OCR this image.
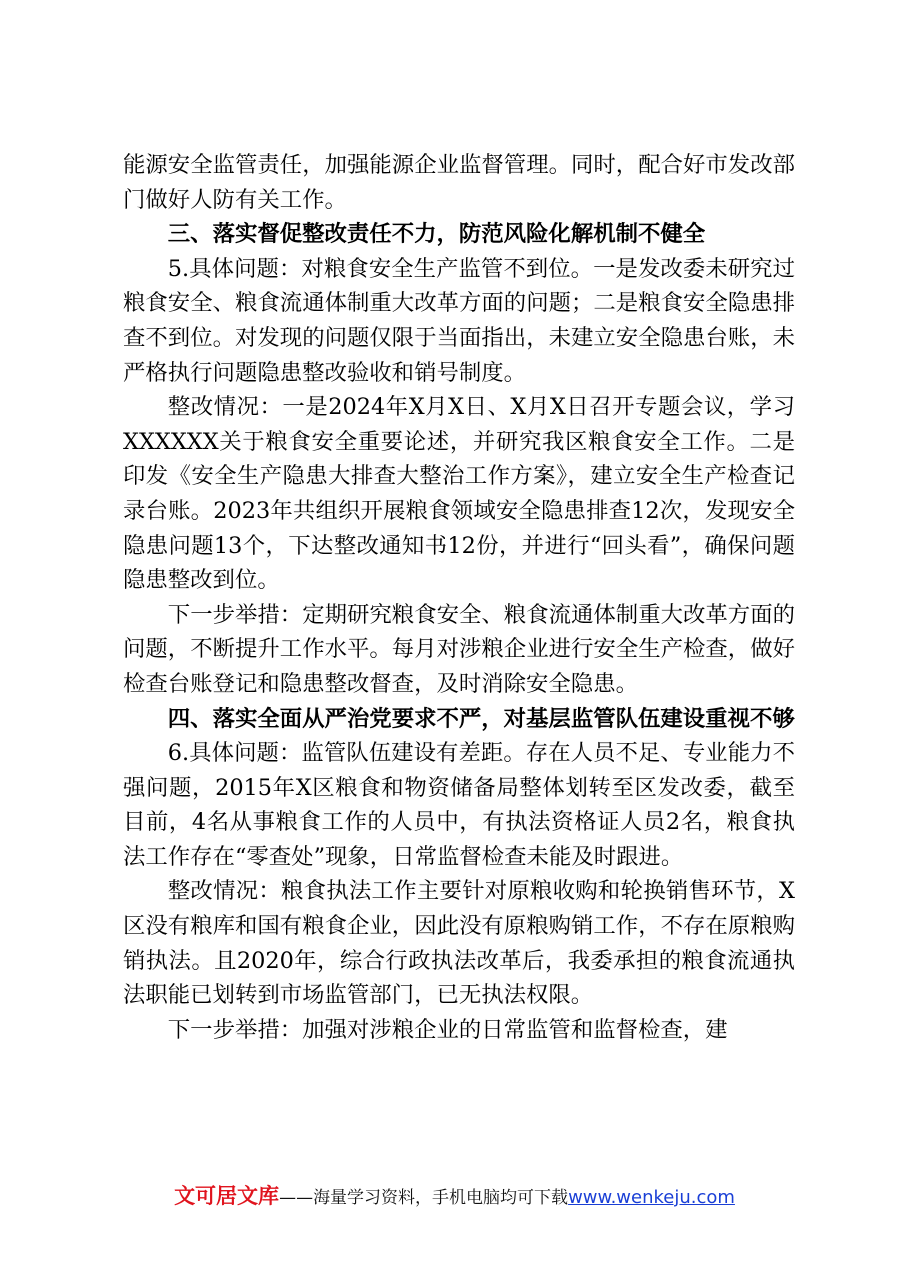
能源安全监管责任，加强能源企业监督管理。同时，配合好市发改部门做好人防有关工作。

三、落实督促整改责任不力，防范风险化解机制不健全

5.具体问题：对粮食安全生产监管不到位。一是发改委未研究过粮食安全、粮食流通体制重大改革方面的问题；二是粮食安全隐患排查不到位。对发现的问题仅限于当面指出，未建立安全隐患台账，未严格执行问题隐患整改验收和销号制度。

整改情况：一是2024年X月X日、X月X日召开专题会议，学习XXXXXX关于粮食安全重要论述，并研究我区粮食安全工作。二是印发《安全生产隐患大排查大整治工作方案》，建立安全生产检查记录台账。2023年共组织开展粮食领域安全隐患排查12次，发现安全隐患问题13个，下达整改通知书12份，并进行“回头看”，确保问题隐患整改到位。

下一步举措：定期研究粮食安全、粮食流通体制重大改革方面的问题，不断提升工作水平。每月对涉粮企业进行安全生产检查，做好检查台账登记和隐患整改督查，及时消除安全隐患。

四、落实全面从严治党要求不严，对基层监管队伍建设重视不够

6.具体问题：监管队伍建设有差距。存在人员不足、专业能力不强问题，2015年X区粮食和物资储备局整体划转至区发改委，截至目前，4名从事粮食工作的人员中，有执法资格证人员2名，粮食执法工作存在“零查处”现象，日常监督检查未能及时跟进。

整改情况：粮食执法工作主要针对原粮收购和轮换销售环节，X区没有粮库和国有粮食企业，因此没有原粮购销工作，不存在原粮购销执法。且2020年，综合行政执法改革后，我委承担的粮食流通执法职能已划转到市场监管部门，已无执法权限。

下一步举措：加强对涉粮企业的日常监管和监督检查，建

文可居文库——海量学习资料，手机电脑均可下载www.wenkeju.com
